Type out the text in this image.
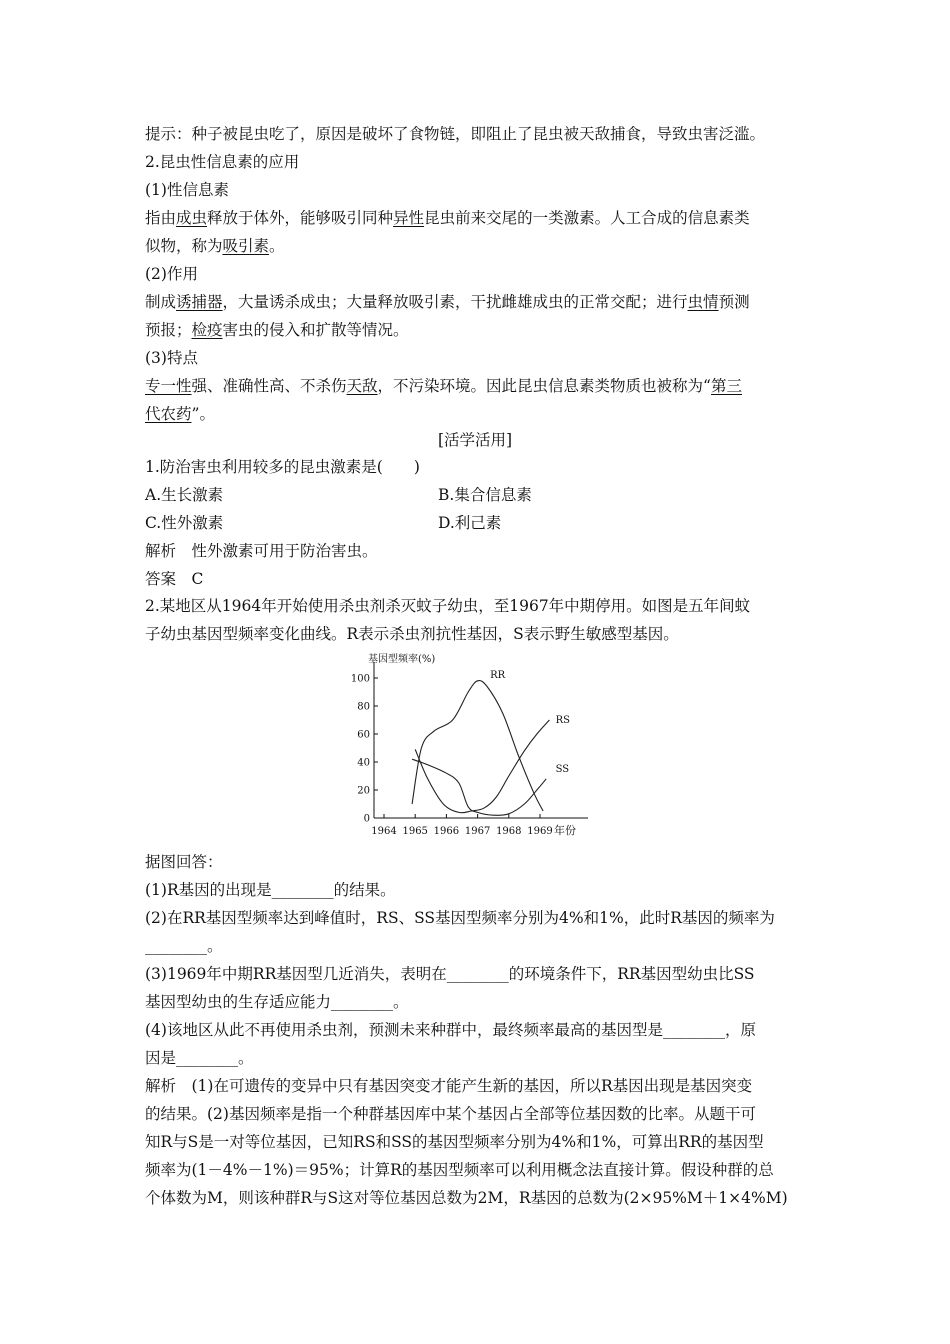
提示：种子被昆虫吃了，原因是破坏了食物链，即阻止了昆虫被天敌捕食，导致虫害泛滥。
2.昆虫性信息素的应用
(1)性信息素
指由成虫释放于体外，能够吸引同种异性昆虫前来交尾的一类激素。人工合成的信息素类
似物，称为吸引素。
(2)作用
制成诱捕器，大量诱杀成虫；大量释放吸引素，干扰雌雄成虫的正常交配；进行虫情预测
预报；检疫害虫的侵入和扩散等情况。
(3)特点
专一性强、准确性高、不杀伤天敌，不污染环境。因此昆虫信息素类物质也被称为“第三
代农药”。
[活学活用]
1.防治害虫利用较多的昆虫激素是(　　)
A.生长激素	B.集合信息素
C.性外激素	D.利己素
解析　性外激素可用于防治害虫。
答案　C
2.某地区从1964年开始使用杀虫剂杀灭蚊子幼虫，至1967年中期停用。如图是五年间蚊
子幼虫基因型频率变化曲线。R表示杀虫剂抗性基因，S表示野生敏感型基因。
基因型频率(%)
0
20
40
60
80
100
1964 1965 1966 1967 1968 1969 年份
RR
RS
SS
据图回答：
(1)R基因的出现是________的结果。
(2)在RR基因型频率达到峰值时，RS、SS基因型频率分别为4%和1%，此时R基因的频率为
________。
(3)1969年中期RR基因型几近消失，表明在________的环境条件下，RR基因型幼虫比SS
基因型幼虫的生存适应能力________。
(4)该地区从此不再使用杀虫剂，预测未来种群中，最终频率最高的基因型是________，原
因是________。
解析　(1)在可遗传的变异中只有基因突变才能产生新的基因，所以R基因出现是基因突变
的结果。(2)基因频率是指一个种群基因库中某个基因占全部等位基因数的比率。从题干可
知R与S是一对等位基因，已知RS和SS的基因型频率分别为4%和1%，可算出RR的基因型
频率为(1－4%－1%)＝95%；计算R的基因型频率可以利用概念法直接计算。假设种群的总
个体数为M，则该种群R与S这对等位基因总数为2M，R基因的总数为(2×95%M＋1×4%M)
